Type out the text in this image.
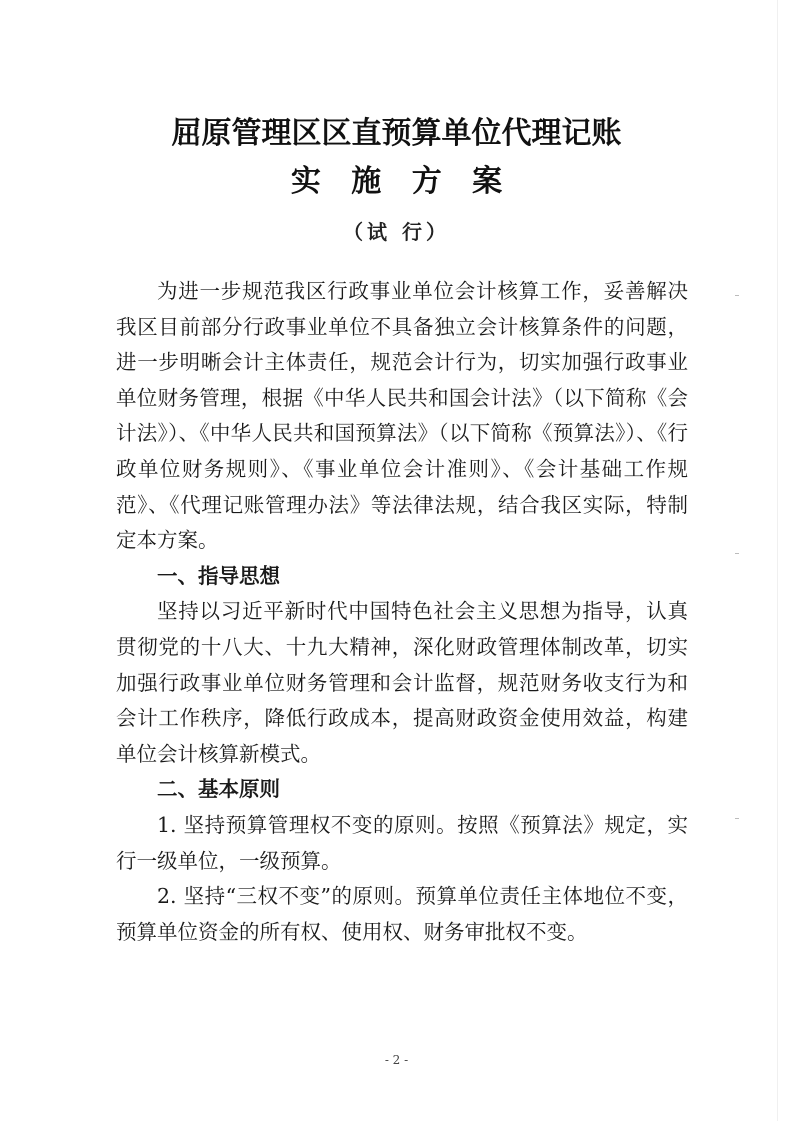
屈原管理区区直预算单位代理记账
实 施 方 案
（试 行）

为进一步规范我区行政事业单位会计核算工作，妥善解决我区目前部分行政事业单位不具备独立会计核算条件的问题，进一步明晰会计主体责任，规范会计行为，切实加强行政事业单位财务管理，根据《中华人民共和国会计法》（以下简称《会计法》）、《中华人民共和国预算法》（以下简称《预算法》）、《行政单位财务规则》、《事业单位会计准则》、《会计基础工作规范》、《代理记账管理办法》等法律法规，结合我区实际，特制定本方案。

一、指导思想

坚持以习近平新时代中国特色社会主义思想为指导，认真贯彻党的十八大、十九大精神，深化财政管理体制改革，切实加强行政事业单位财务管理和会计监督，规范财务收支行为和会计工作秩序，降低行政成本，提高财政资金使用效益，构建单位会计核算新模式。

二、基本原则

1. 坚持预算管理权不变的原则。按照《预算法》规定，实行一级单位，一级预算。

2. 坚持“三权不变”的原则。预算单位责任主体地位不变，预算单位资金的所有权、使用权、财务审批权不变。

- 2 -
